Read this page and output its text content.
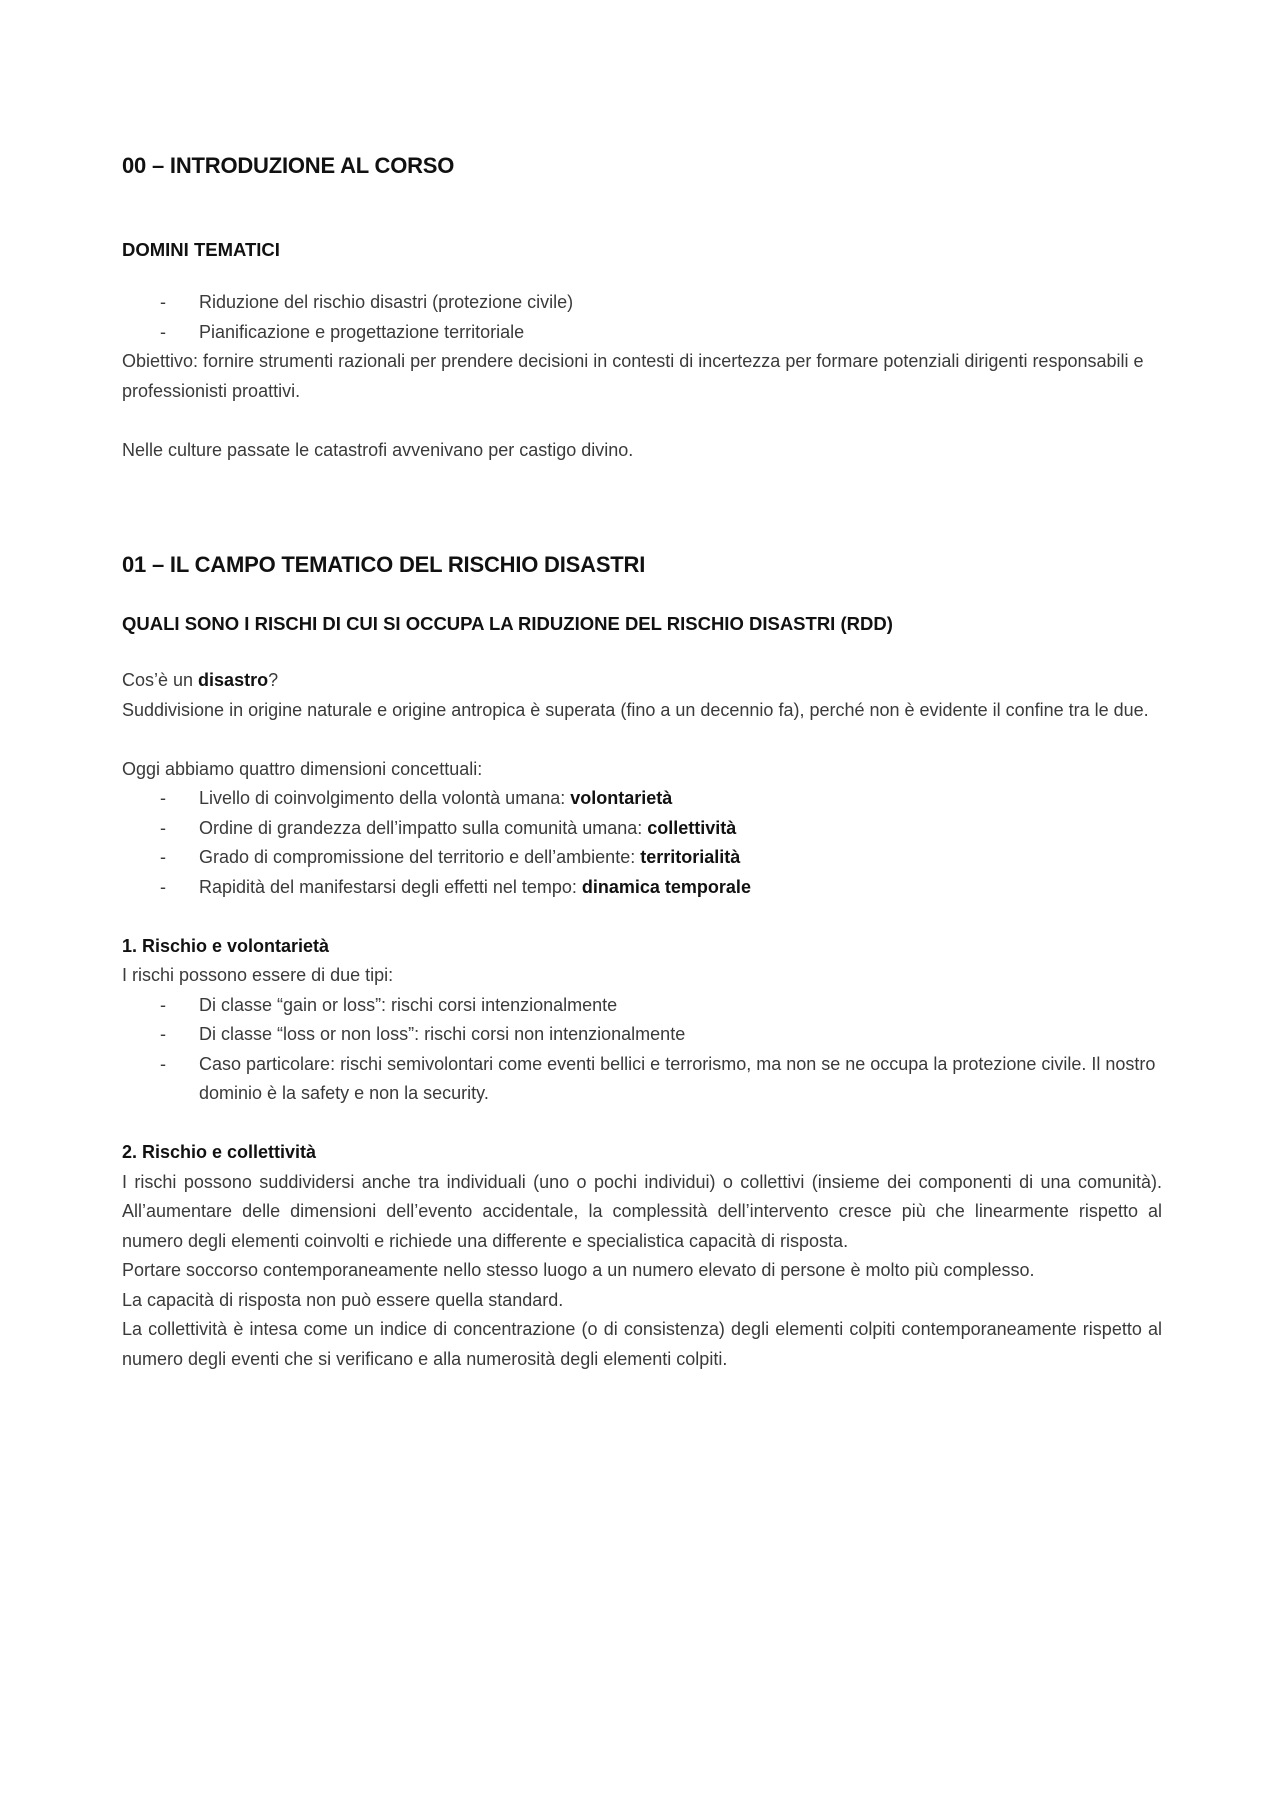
00 – INTRODUZIONE AL CORSO
DOMINI TEMATICI
- Riduzione del rischio disastri (protezione civile)
- Pianificazione e progettazione territoriale

Obiettivo: fornire strumenti razionali per prendere decisioni in contesti di incertezza per formare potenziali dirigenti responsabili e professionisti proattivi.

Nelle culture passate le catastrofi avvenivano per castigo divino.

01 – IL CAMPO TEMATICO DEL RISCHIO DISASTRI
QUALI SONO I RISCHI DI CUI SI OCCUPA LA RIDUZIONE DEL RISCHIO DISASTRI (RDD)

Cos’è un disastro?

Suddivisione in origine naturale e origine antropica è superata (fino a un decennio fa), perché non è evidente il confine tra le due.

Oggi abbiamo quattro dimensioni concettuali:

- Livello di coinvolgimento della volontà umana: volontarietà
- Ordine di grandezza dell’impatto sulla comunità umana: collettività
- Grado di compromissione del territorio e dell’ambiente: territorialità
- Rapidità del manifestarsi degli effetti nel tempo: dinamica temporale

1. Rischio e volontarietà

I rischi possono essere di due tipi:

- Di classe “gain or loss”: rischi corsi intenzionalmente
- Di classe “loss or non loss”: rischi corsi non intenzionalmente
- Caso particolare: rischi semivolontari come eventi bellici e terrorismo, ma non se ne occupa la protezione civile. Il nostro dominio è la safety e non la security.

2. Rischio e collettività

I rischi possono suddividersi anche tra individuali (uno o pochi individui) o collettivi (insieme dei componenti di una comunità). All’aumentare delle dimensioni dell’evento accidentale, la complessità dell’intervento cresce più che linearmente rispetto al numero degli elementi coinvolti e richiede una differente e specialistica capacità di risposta.

Portare soccorso contemporaneamente nello stesso luogo a un numero elevato di persone è molto più complesso.

La capacità di risposta non può essere quella standard.

La collettività è intesa come un indice di concentrazione (o di consistenza) degli elementi colpiti contemporaneamente rispetto al numero degli eventi che si verificano e alla numerosità degli elementi colpiti.
